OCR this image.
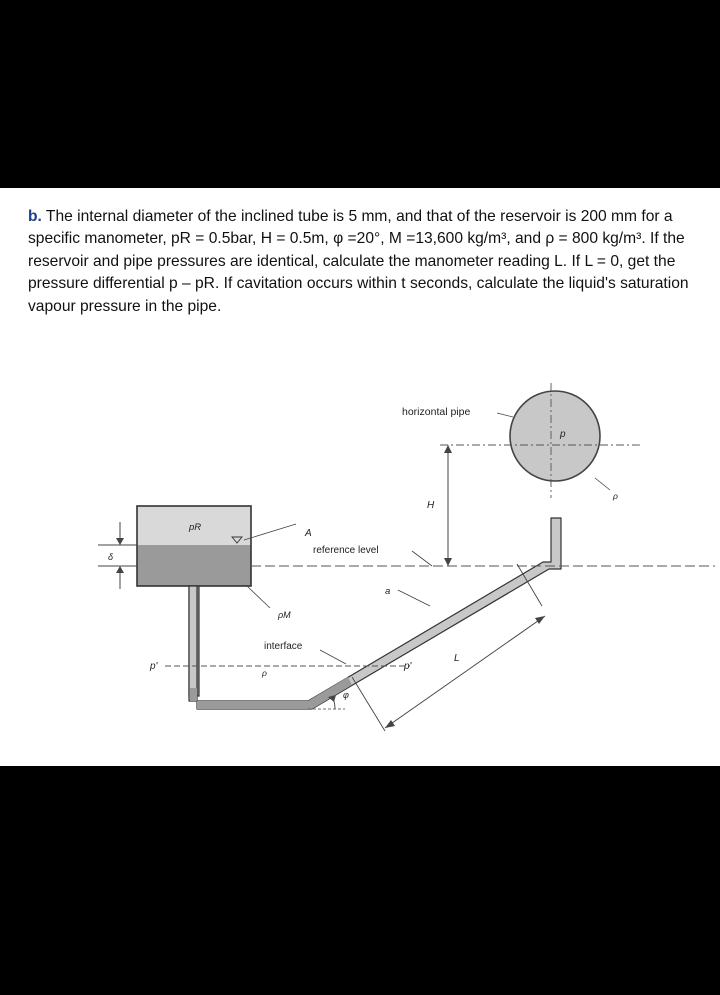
b. The internal diameter of the inclined tube is 5 mm, and that of the reservoir is 200 mm for a specific manometer, pR = 0.5bar, H = 0.5m, φ =20°, M =13,600 kg/m³, and ρ = 800 kg/m³. If the reservoir and pipe pressures are identical, calculate the manometer reading L. If L = 0, get the pressure differential p – pR. If cavitation occurs within t seconds, calculate the liquid's saturation vapour pressure in the pipe.
horizontal pipe
p
ρ
H
pR
A
reference level
δ
a
ρM
interface
p'	p'
L
ρ
φ
